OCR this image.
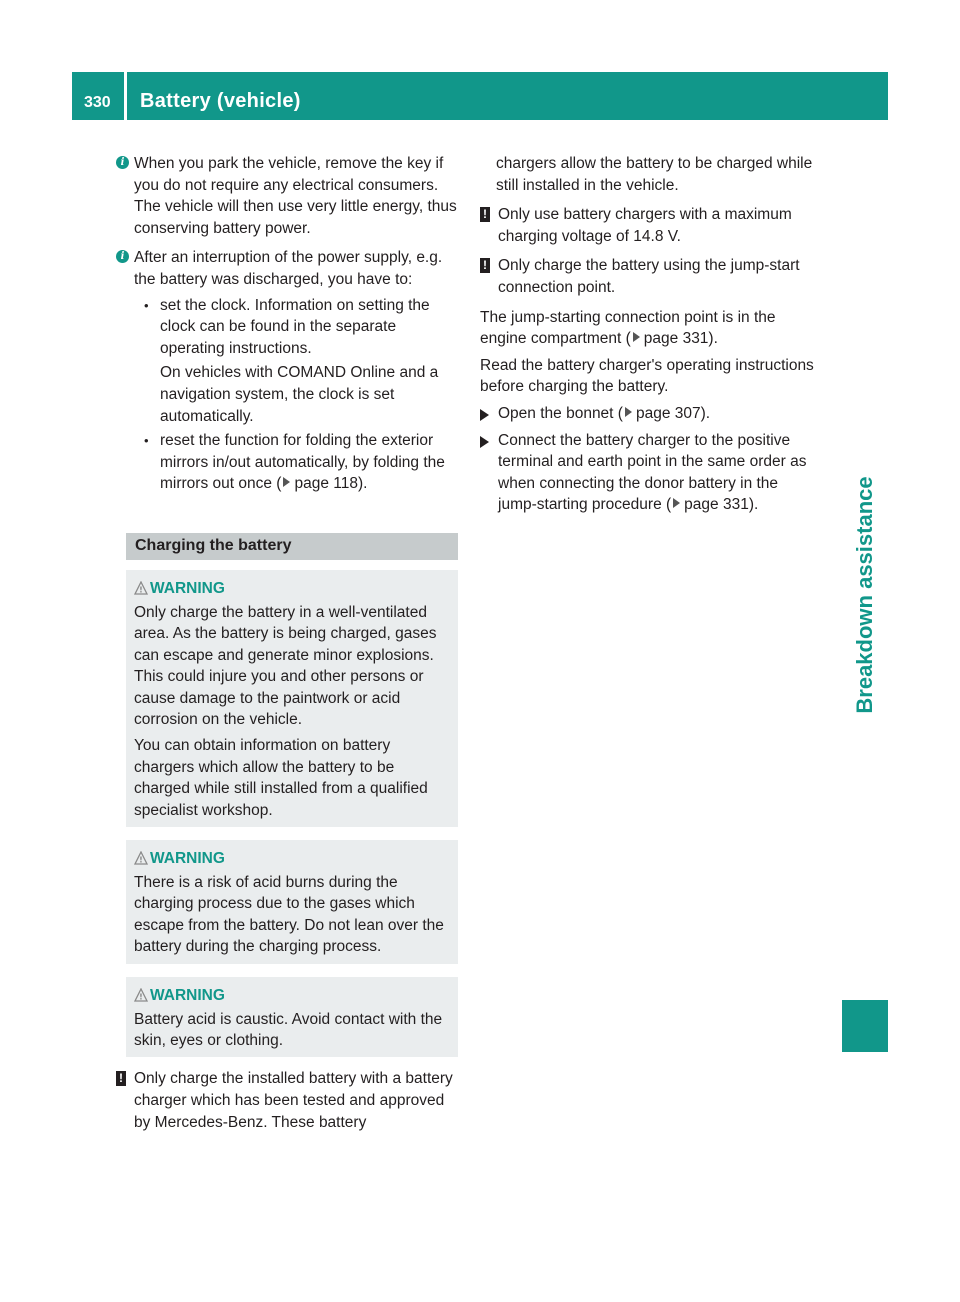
330 Battery (vehicle)
Breakdown assistance
i When you park the vehicle, remove the key if you do not require any electrical consumers. The vehicle will then use very little energy, thus conserving battery power.

i After an interruption of the power supply, e.g. the battery was discharged, you have to:

• set the clock. Information on setting the clock can be found in the separate operating instructions.

On vehicles with COMAND Online and a navigation system, the clock is set automatically.

• reset the function for folding the exterior mirrors in/out automatically, by folding the mirrors out once ( page 118).

Charging the battery
! WARNING

Only charge the battery in a well-ventilated area. As the battery is being charged, gases can escape and generate minor explosions. This could injure you and other persons or cause damage to the paintwork or acid corrosion on the vehicle.

You can obtain information on battery chargers which allow the battery to be charged while still installed from a qualified specialist workshop.

! WARNING

There is a risk of acid burns during the charging process due to the gases which escape from the battery. Do not lean over the battery during the charging process.

! WARNING

Battery acid is caustic. Avoid contact with the skin, eyes or clothing.

! Only charge the installed battery with a battery charger which has been tested and approved by Mercedes-Benz. These battery

chargers allow the battery to be charged while still installed in the vehicle.

! Only use battery chargers with a maximum charging voltage of 14.8 V.

! Only charge the battery using the jump-start connection point.

The jump-starting connection point is in the engine compartment ( page 331).

Read the battery charger's operating instructions before charging the battery.

Open the bonnet ( page 307).

Connect the battery charger to the positive terminal and earth point in the same order as when connecting the donor battery in the jump-starting procedure ( page 331).
